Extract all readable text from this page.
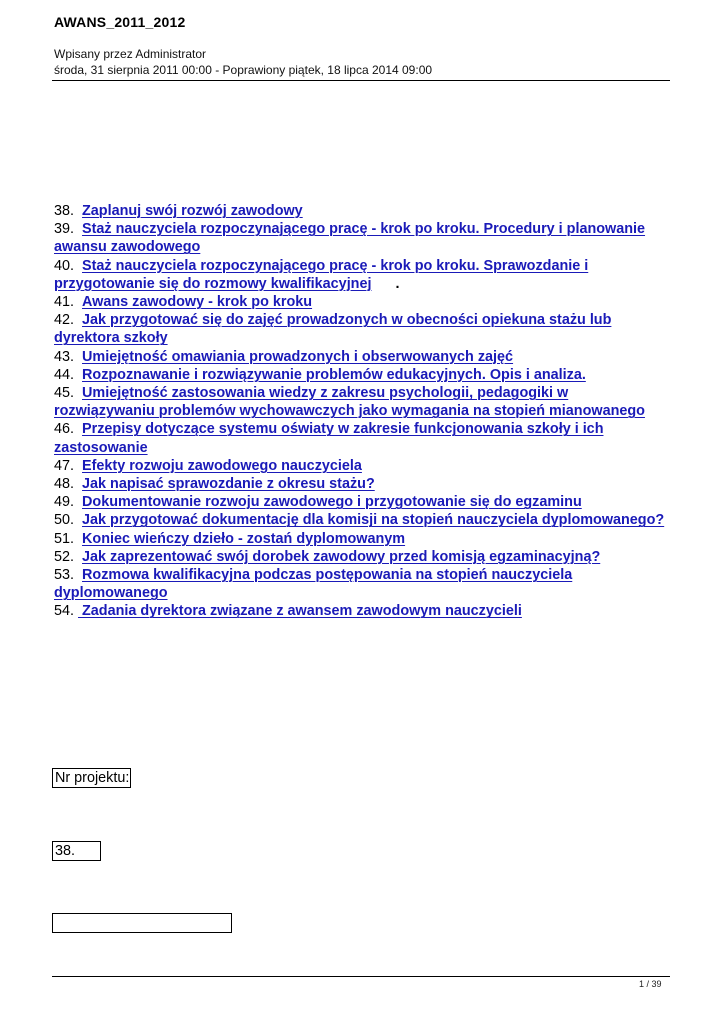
AWANS_2011_2012
Wpisany przez Administrator
środa, 31 sierpnia 2011 00:00 - Poprawiony piątek, 18 lipca 2014 09:00
38. Zaplanuj swój rozwój zawodowy
39. Staż nauczyciela rozpoczynającego pracę - krok po kroku. Procedury i planowanie awansu zawodowego
40. Staż nauczyciela rozpoczynającego pracę - krok po kroku. Sprawozdanie i przygotowanie się do rozmowy kwalifikacyjnej .
41. Awans zawodowy - krok po kroku
42. Jak przygotować się do zajęć prowadzonych w obecności opiekuna stażu lub dyrektora szkoły
43. Umiejętność omawiania prowadzonych i obserwowanych zajęć
44. Rozpoznawanie i rozwiązywanie problemów edukacyjnych. Opis i analiza.
45. Umiejętność zastosowania wiedzy z zakresu psychologii, pedagogiki w rozwiązywaniu problemów wychowawczych jako wymagania na stopień mianowanego
46. Przepisy dotyczące systemu oświaty w zakresie funkcjonowania szkoły i ich zastosowanie
47. Efekty rozwoju zawodowego nauczyciela
48. Jak napisać sprawozdanie z okresu stażu?
49. Dokumentowanie rozwoju zawodowego i przygotowanie się do egzaminu
50. Jak przygotować dokumentację dla komisji na stopień nauczyciela dyplomowanego?
51. Koniec wieńczy dzieło - zostań dyplomowanym
52. Jak zaprezentować swój dorobek zawodowy przed komisją egzaminacyjną?
53. Rozmowa kwalifikacyjna podczas postępowania na stopień nauczyciela dyplomowanego
54.  Zadania dyrektora związane z awansem zawodowym nauczycieli
Nr projektu:
38.
1 / 39
